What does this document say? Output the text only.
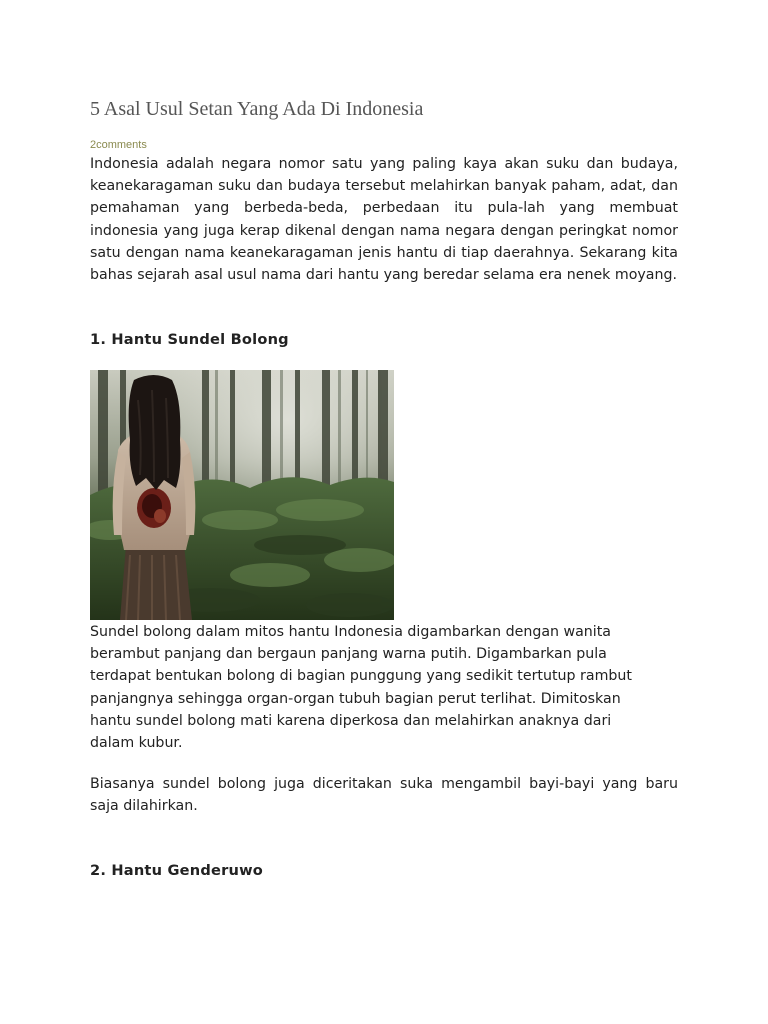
5 Asal Usul Setan Yang Ada Di Indonesia
2comments

Indonesia adalah negara nomor satu yang paling kaya akan suku dan budaya, keanekaragaman suku dan budaya tersebut melahirkan banyak paham, adat, dan pemahaman yang berbeda-beda, perbedaan itu pula-lah yang membuat indonesia yang juga kerap dikenal dengan nama negara dengan peringkat nomor satu dengan nama keanekaragaman jenis hantu di tiap daerahnya. Sekarang kita bahas sejarah asal usul nama dari hantu yang beredar selama era nenek moyang.

1. Hantu Sundel Bolong

Sundel bolong dalam mitos hantu Indonesia digambarkan dengan wanita berambut panjang dan bergaun panjang warna putih. Digambarkan pula terdapat bentukan bolong di bagian punggung yang sedikit tertutup rambut panjangnya sehingga organ-organ tubuh bagian perut terlihat. Dimitoskan hantu sundel bolong mati karena diperkosa dan melahirkan anaknya dari dalam kubur.

Biasanya sundel bolong juga diceritakan suka mengambil bayi-bayi yang baru saja dilahirkan.

2. Hantu Genderuwo
